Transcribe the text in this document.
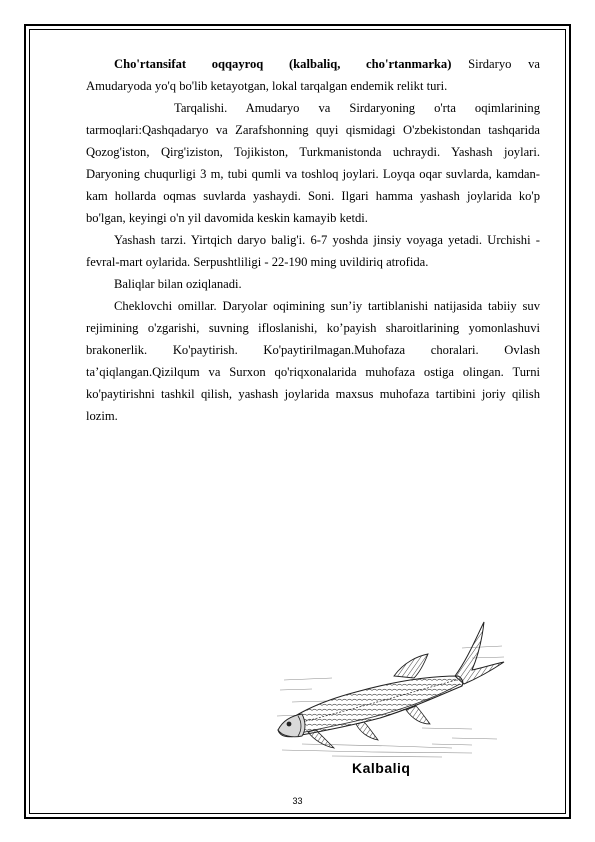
Cho'rtansifat oqqayroq (kalbaliq, cho'rtanmarka) Sirdaryo va Amudaryoda yo'q bo'lib ketayotgan, lokal tarqalgan endemik relikt turi.

Tarqalishi. Amudaryo va Sirdaryoning o'rta oqimlarining tarmoqlari:Qashqadaryo va Zarafshonning quyi qismidagi O'zbekistondan tashqarida Qozog'iston, Qirg'iziston, Tojikiston, Turkmanistonda uchraydi. Yashash joylari. Daryoning chuqurligi 3 m, tubi qumli va toshloq joylari. Loyqa oqar suvlarda, kamdan-kam hollarda oqmas suvlarda yashaydi. Soni. Ilgari hamma yashash joylarida ko'p bo'lgan, keyingi o'n yil davomida keskin kamayib ketdi.

Yashash tarzi. Yirtqich daryo balig'i. 6-7 yoshda jinsiy voyaga yetadi. Urchishi - fevral-mart oylarida. Serpushtliligi - 22-190 ming uvildiriq atrofida.

Baliqlar bilan oziqlanadi.

Cheklovchi omillar. Daryolar oqimining sun’iy tartiblanishi natijasida tabiiy suv rejimining o'zgarishi, suvning ifloslanishi, ko’payish sharoitlarining yomonlashuvi brakonerlik. Ko'paytirish. Ko'paytirilmagan.Muhofaza choralari. Ovlash ta’qiqlangan.Qizilqum va Surxon qo'riqxonalarida muhofaza ostiga olingan. Turni ko'paytirishni tashkil qilish, yashash joylarida maxsus muhofaza tartibini joriy qilish lozim.

Kalbaliq
33
